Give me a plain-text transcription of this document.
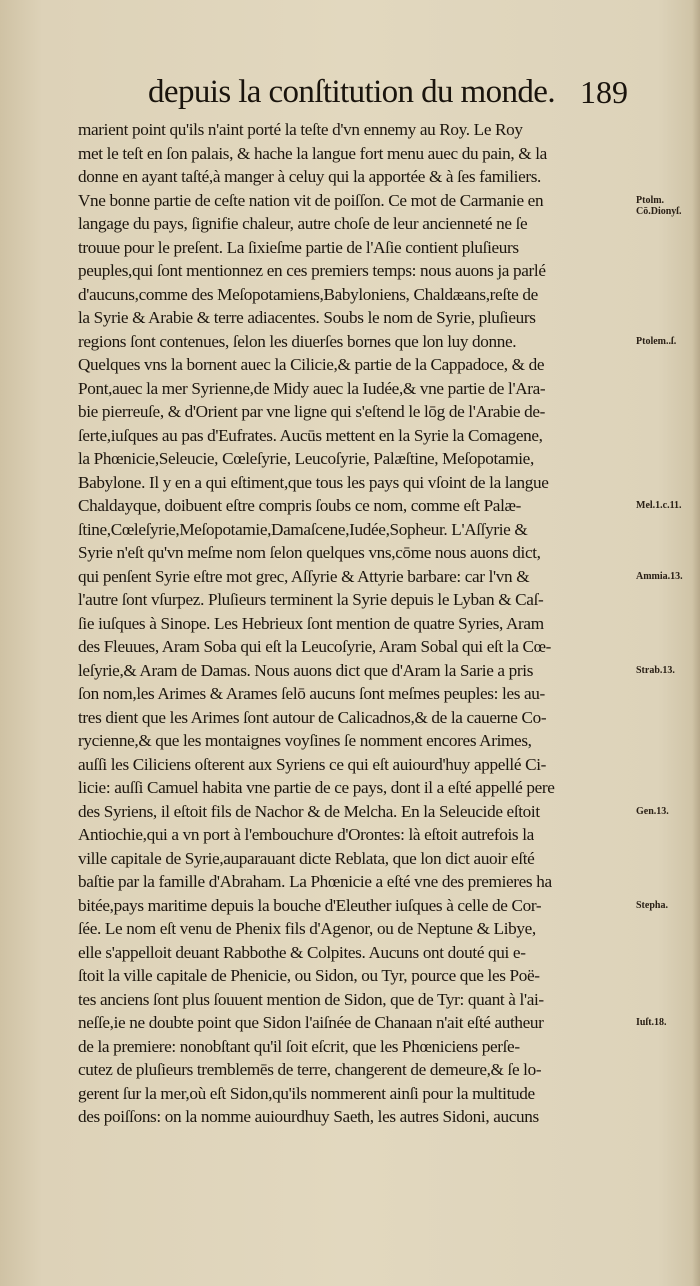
depuis la conſtitution du monde. 189
marient point qu'ils n'aint porté la teſte d'vn ennemy au Roy. Le Roy
met le teſt en ſon palais, & hache la langue fort menu auec du pain, & la
donne en ayant taſté,à manger à celuy qui la apportée & à ſes familiers.
Vne bonne partie de ceſte nation vit de poiſſon. Ce mot de Carmanie en
langage du pays, ſignifie chaleur, autre choſe de leur ancienneté ne ſe
trouue pour le preſent. La ſixieſme partie de l'Aſie contient pluſieurs
peuples,qui ſont mentionnez en ces premiers temps: nous auons ja parlé
d'aucuns,comme des Meſopotamiens,Babyloniens, Chaldæans,reſte de
la Syrie & Arabie & terre adiacentes. Soubs le nom de Syrie, pluſieurs
regions ſont contenues, ſelon les diuerſes bornes que lon luy donne.
Quelques vns la bornent auec la Cilicie,& partie de la Cappadoce, & de
Pont,auec la mer Syrienne,de Midy auec la Iudée,& vne partie de l'Ara-
bie pierreuſe, & d'Orient par vne ligne qui s'eſtend le lōg de l'Arabie de-
ſerte,iuſques au pas d'Eufrates. Aucūs mettent en la Syrie la Comagene,
la Phœnicie,Seleucie, Cœleſyrie, Leucoſyrie, Palæſtine, Meſopotamie,
Babylone. Il y en a qui eſtiment,que tous les pays qui vſoint de la langue
Chaldayque, doibuent eſtre compris ſoubs ce nom, comme eſt Palæ-
ſtine,Cœleſyrie,Meſopotamie,Damaſcene,Iudée,Sopheur. L'Aſſyrie &
Syrie n'eſt qu'vn meſme nom ſelon quelques vns,cōme nous auons dict,
qui penſent Syrie eſtre mot grec, Aſſyrie & Attyrie barbare: car l'vn &
l'autre ſont vſurpez. Pluſieurs terminent la Syrie depuis le Lyban & Caſ-
ſie iuſques à Sinope. Les Hebrieux ſont mention de quatre Syries, Aram
des Fleuues, Aram Soba qui eſt la Leucoſyrie, Aram Sobal qui eſt la Cœ-
leſyrie,& Aram de Damas. Nous auons dict que d'Aram la Sarie a pris
ſon nom,les Arimes & Arames ſelō aucuns ſont meſmes peuples: les au-
tres dient que les Arimes ſont autour de Calicadnos,& de la cauerne Co-
rycienne,& que les montaignes voyſines ſe nomment encores Arimes,
auſſi les Ciliciens oſterent aux Syriens ce qui eſt auiourd'huy appellé Ci-
licie: auſſi Camuel habita vne partie de ce pays, dont il a eſté appellé pere
des Syriens, il eſtoit fils de Nachor & de Melcha. En la Seleucide eſtoit
Antiochie,qui a vn port à l'embouchure d'Orontes: là eſtoit autrefois la
ville capitale de Syrie,auparauant dicte Reblata, que lon dict auoir eſté
baſtie par la famille d'Abraham. La Phœnicie a eſté vne des premieres ha
bitée,pays maritime depuis la bouche d'Eleuther iuſques à celle de Cor-
ſée. Le nom eſt venu de Phenix fils d'Agenor, ou de Neptune & Libye,
elle s'appelloit deuant Rabbothe & Colpites. Aucuns ont douté qui e-
ſtoit la ville capitale de Phenicie, ou Sidon, ou Tyr, pource que les Poë-
tes anciens ſont plus ſouuent mention de Sidon, que de Tyr: quant à l'ai-
neſſe,ie ne doubte point que Sidon l'aiſnée de Chanaan n'ait eſté autheur
de la premiere: nonobſtant qu'il ſoit eſcrit, que les Phœniciens perſe-
cutez de pluſieurs tremblemēs de terre, changerent de demeure,& ſe lo-
gerent ſur la mer,où eſt Sidon,qu'ils nommerent ainſi pour la multitude
des poiſſons: on la nomme auiourdhuy Saeth, les autres Sidoni, aucuns
Ptolm.
Cō.Dionyſ.
Ptolem..ſ.
Mel.1.c.11.
Ammia.13.
Strab.13.
Gen.13.
Stepha.
Iuſt.18.
